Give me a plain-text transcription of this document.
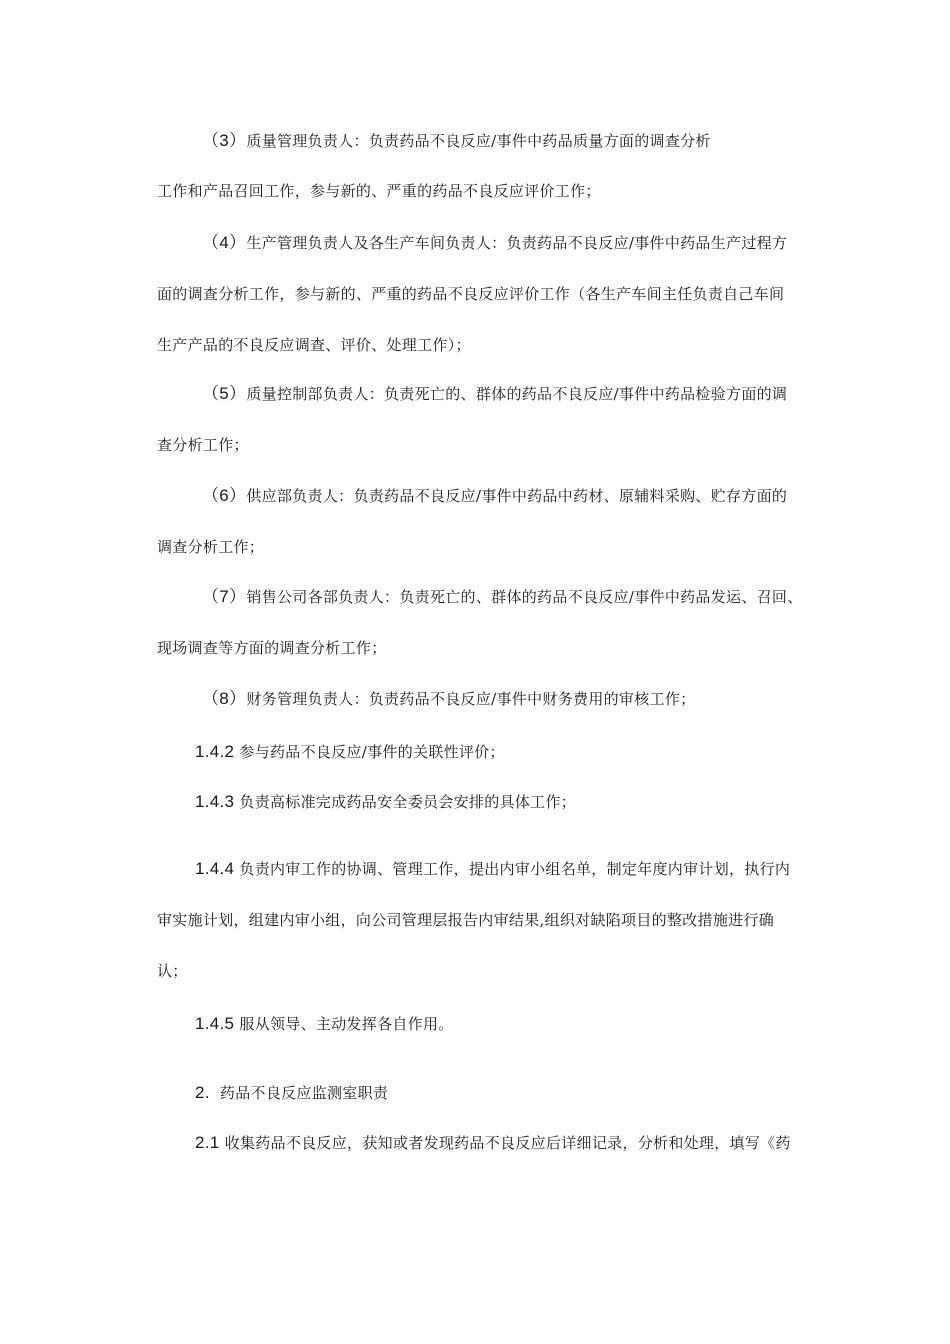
（3）质量管理负责人：负责药品不良反应/事件中药品质量方面的调查分析
工作和产品召回工作，参与新的、严重的药品不良反应评价工作；
（4）生产管理负责人及各生产车间负责人：负责药品不良反应/事件中药品生产过程方
面的调查分析工作，参与新的、严重的药品不良反应评价工作（各生产车间主任负责自己车间
生产产品的不良反应调查、评价、处理工作）；
（5）质量控制部负责人：负责死亡的、群体的药品不良反应/事件中药品检验方面的调
查分析工作；
（6）供应部负责人：负责药品不良反应/事件中药品中药材、原辅料采购、贮存方面的
调查分析工作；
（7）销售公司各部负责人：负责死亡的、群体的药品不良反应/事件中药品发运、召回、
现场调查等方面的调查分析工作；
（8）财务管理负责人：负责药品不良反应/事件中财务费用的审核工作；
1.4.2 参与药品不良反应/事件的关联性评价；
1.4.3 负责高标准完成药品安全委员会安排的具体工作；
1.4.4 负责内审工作的协调、管理工作，提出内审小组名单，制定年度内审计划，执行内
审实施计划，组建内审小组，向公司管理层报告内审结果,组织对缺陷项目的整改措施进行确
认；
1.4.5 服从领导、主动发挥各自作用。
2. 药品不良反应监测室职责
2.1 收集药品不良反应，获知或者发现药品不良反应后详细记录，分析和处理，填写《药
